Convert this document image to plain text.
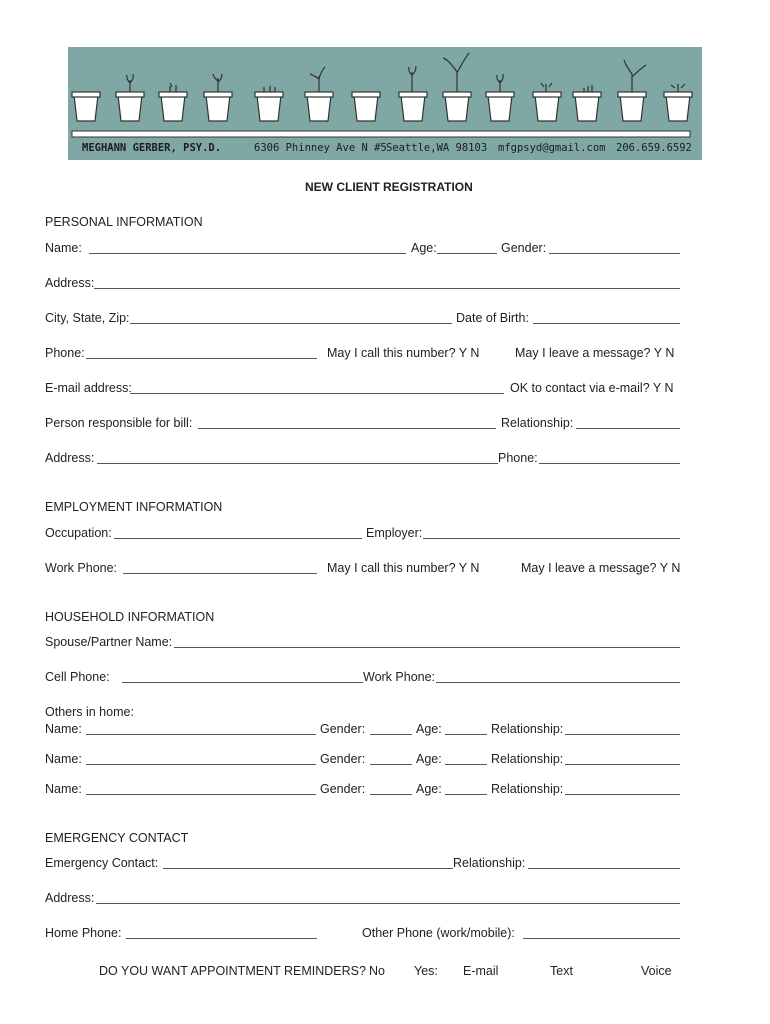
MEGHANN GERBER, PSY.D.	6306 Phinney Ave N #5 Seattle,WA 98103 mfgpsyd@gmail.com 206.659.6592
NEW CLIENT REGISTRATION
PERSONAL INFORMATION
Name:	Age:	Gender:
Address:
City, State, Zip:	Date of Birth:
Phone:	May I call this number? Y N	May I leave a message? Y N
E-mail address:	OK to contact via e-mail? Y N
Person responsible for bill:	Relationship:
Address:	Phone:
EMPLOYMENT INFORMATION
Occupation:	Employer:
Work Phone:	May I call this number? Y N	May I leave a message? Y N
HOUSEHOLD INFORMATION
Spouse/Partner Name:
Cell Phone:	Work Phone:
Others in home:
Name:	Gender:	Age:	Relationship:
Name:	Gender:	Age:	Relationship:
Name:	Gender:	Age:	Relationship:
EMERGENCY CONTACT
Emergency Contact:	Relationship:
Address:
Home Phone:	Other Phone (work/mobile):
DO YOU WANT APPOINTMENT REMINDERS? No Yes: E-mail	Text	Voice
